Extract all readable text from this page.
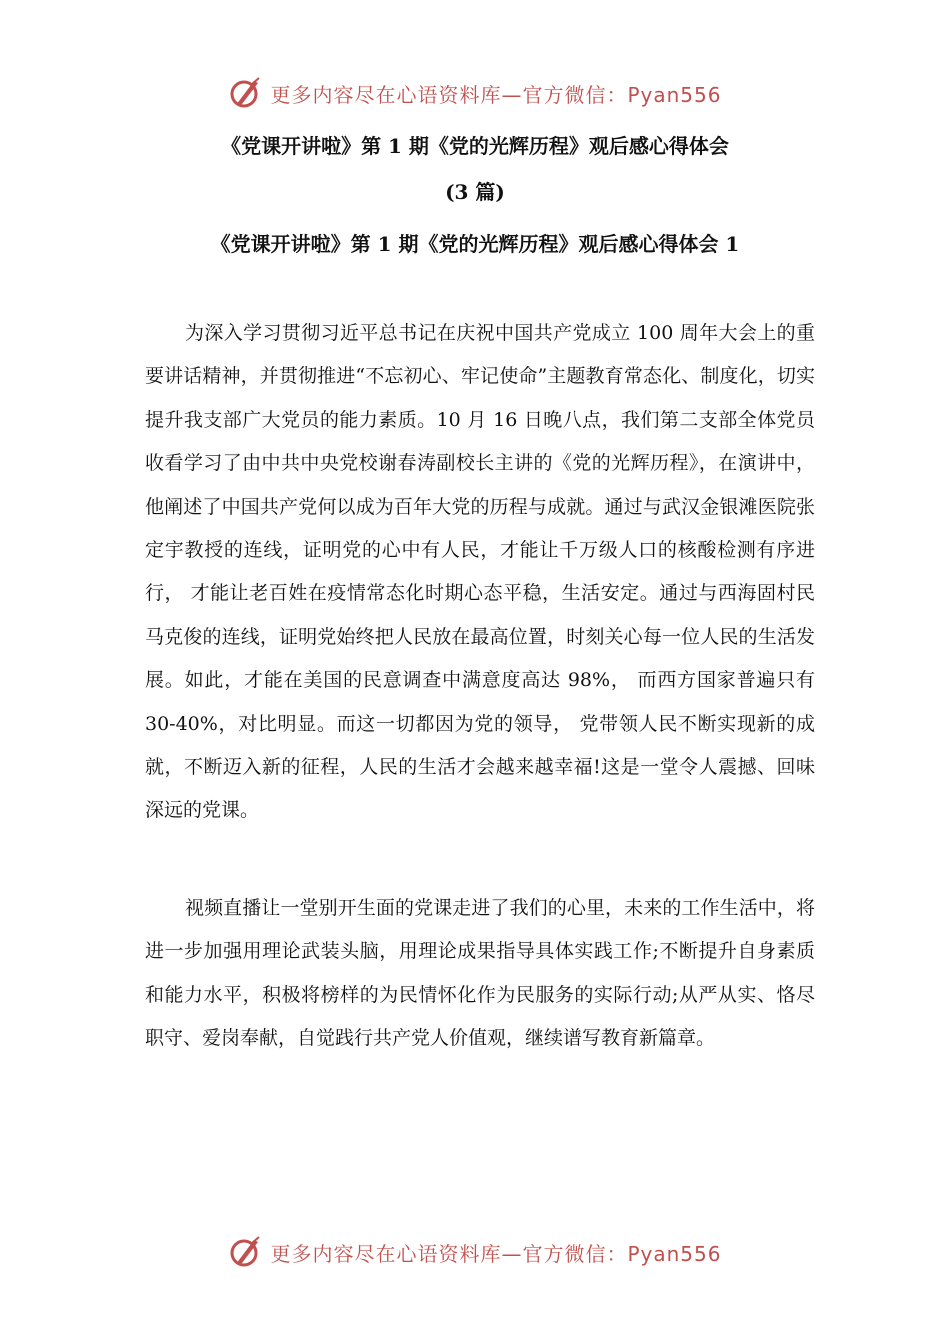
更多内容尽在心语资料库—官方微信：Pyan556
《党课开讲啦》第 1 期《党的光辉历程》观后感心得体会
(3 篇)
《党课开讲啦》第 1 期《党的光辉历程》观后感心得体会 1

为深入学习贯彻习近平总书记在庆祝中国共产党成立 100 周年大会上的重要讲话精神，并贯彻推进“不忘初心、牢记使命”主题教育常态化、制度化，切实提升我支部广大党员的能力素质。10 月 16 日晚八点，我们第二支部全体党员收看学习了由中共中央党校谢春涛副校长主讲的《党的光辉历程》，在演讲中，他阐述了中国共产党何以成为百年大党的历程与成就。通过与武汉金银滩医院张定宇教授的连线，证明党的心中有人民，才能让千万级人口的核酸检测有序进行， 才能让老百姓在疫情常态化时期心态平稳，生活安定。通过与西海固村民马克俊的连线，证明党始终把人民放在最高位置，时刻关心每一位人民的生活发展。如此，才能在美国的民意调查中满意度高达 98%， 而西方国家普遍只有 30-40%，对比明显。而这一切都因为党的领导， 党带领人民不断实现新的成就，不断迈入新的征程，人民的生活才会越来越幸福!这是一堂令人震撼、回味深远的党课。

视频直播让一堂别开生面的党课走进了我们的心里，未来的工作生活中，将进一步加强用理论武装头脑，用理论成果指导具体实践工作;不断提升自身素质和能力水平，积极将榜样的为民情怀化作为民服务的实际行动;从严从实、恪尽职守、爱岗奉献，自觉践行共产党人价值观，继续谱写教育新篇章。

更多内容尽在心语资料库—官方微信：Pyan556
